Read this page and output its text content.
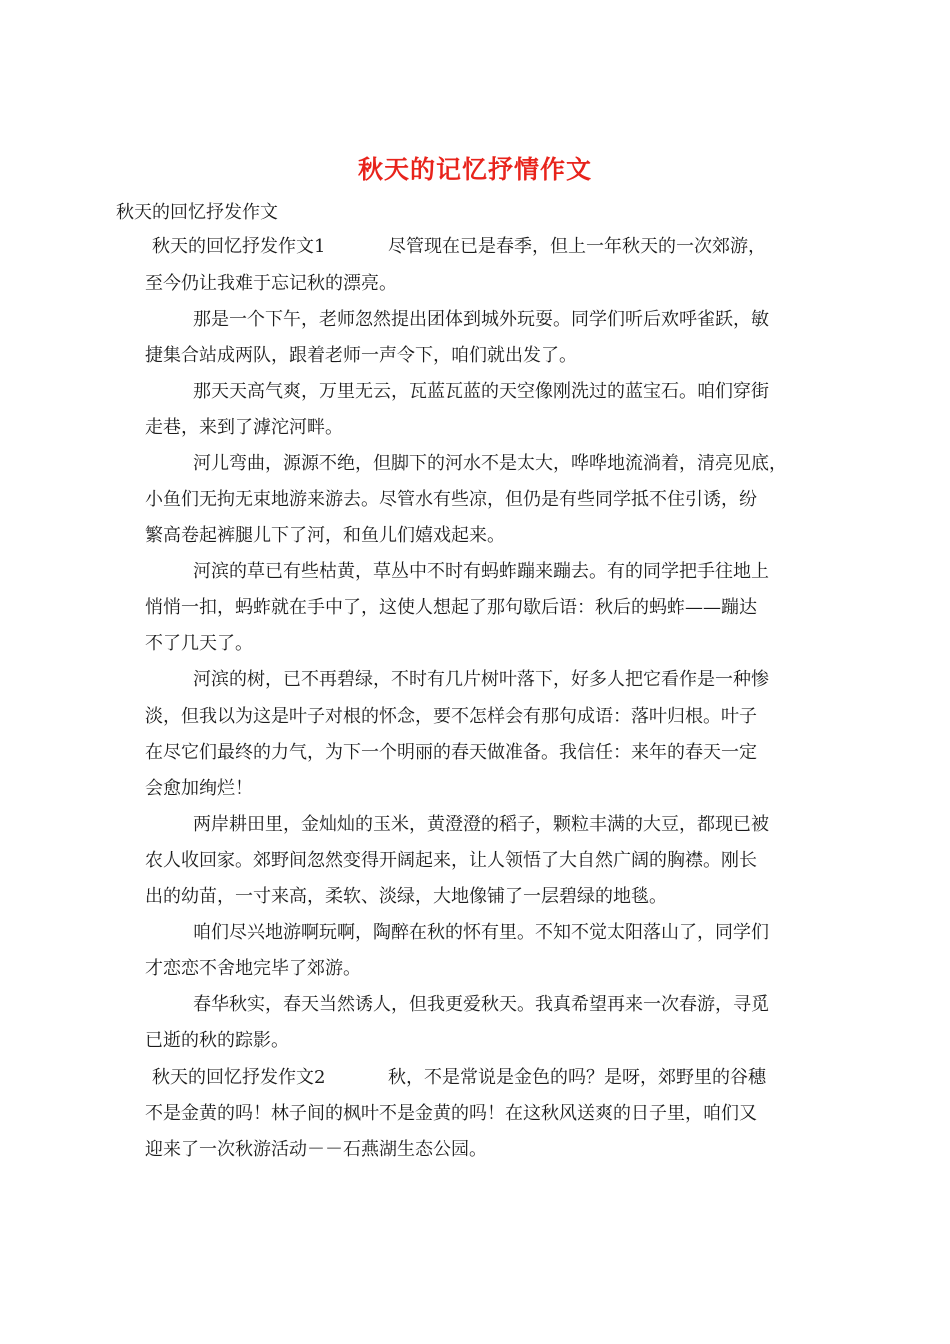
秋天的记忆抒情作文
秋天的回忆抒发作文
秋天的回忆抒发作文1	尽管现在已是春季，但上一年秋天的一次郊游，
至今仍让我难于忘记秋的漂亮。
那是一个下午，老师忽然提出团体到城外玩耍。同学们听后欢呼雀跃，敏
捷集合站成两队，跟着老师一声令下，咱们就出发了。
那天天高气爽，万里无云，瓦蓝瓦蓝的天空像刚洗过的蓝宝石。咱们穿街
走巷，来到了滹沱河畔。
河儿弯曲，源源不绝，但脚下的河水不是太大，哗哗地流淌着，清亮见底，
小鱼们无拘无束地游来游去。尽管水有些凉，但仍是有些同学抵不住引诱，纷
繁高卷起裤腿儿下了河，和鱼儿们嬉戏起来。
河滨的草已有些枯黄，草丛中不时有蚂蚱蹦来蹦去。有的同学把手往地上
悄悄一扣，蚂蚱就在手中了，这使人想起了那句歇后语：秋后的蚂蚱——蹦达
不了几天了。
河滨的树，已不再碧绿，不时有几片树叶落下，好多人把它看作是一种惨
淡，但我以为这是叶子对根的怀念，要不怎样会有那句成语：落叶归根。叶子
在尽它们最终的力气，为下一个明丽的春天做准备。我信任：来年的春天一定
会愈加绚烂！
两岸耕田里，金灿灿的玉米，黄澄澄的稻子，颗粒丰满的大豆，都现已被
农人收回家。郊野间忽然变得开阔起来，让人领悟了大自然广阔的胸襟。刚长
出的幼苗，一寸来高，柔软、淡绿，大地像铺了一层碧绿的地毯。
咱们尽兴地游啊玩啊，陶醉在秋的怀有里。不知不觉太阳落山了，同学们
才恋恋不舍地完毕了郊游。
春华秋实，春天当然诱人，但我更爱秋天。我真希望再来一次春游，寻觅
已逝的秋的踪影。
秋天的回忆抒发作文2	秋，不是常说是金色的吗？是呀，郊野里的谷穗
不是金黄的吗！林子间的枫叶不是金黄的吗！在这秋风送爽的日子里，咱们又
迎来了一次秋游活动－－石燕湖生态公园。
